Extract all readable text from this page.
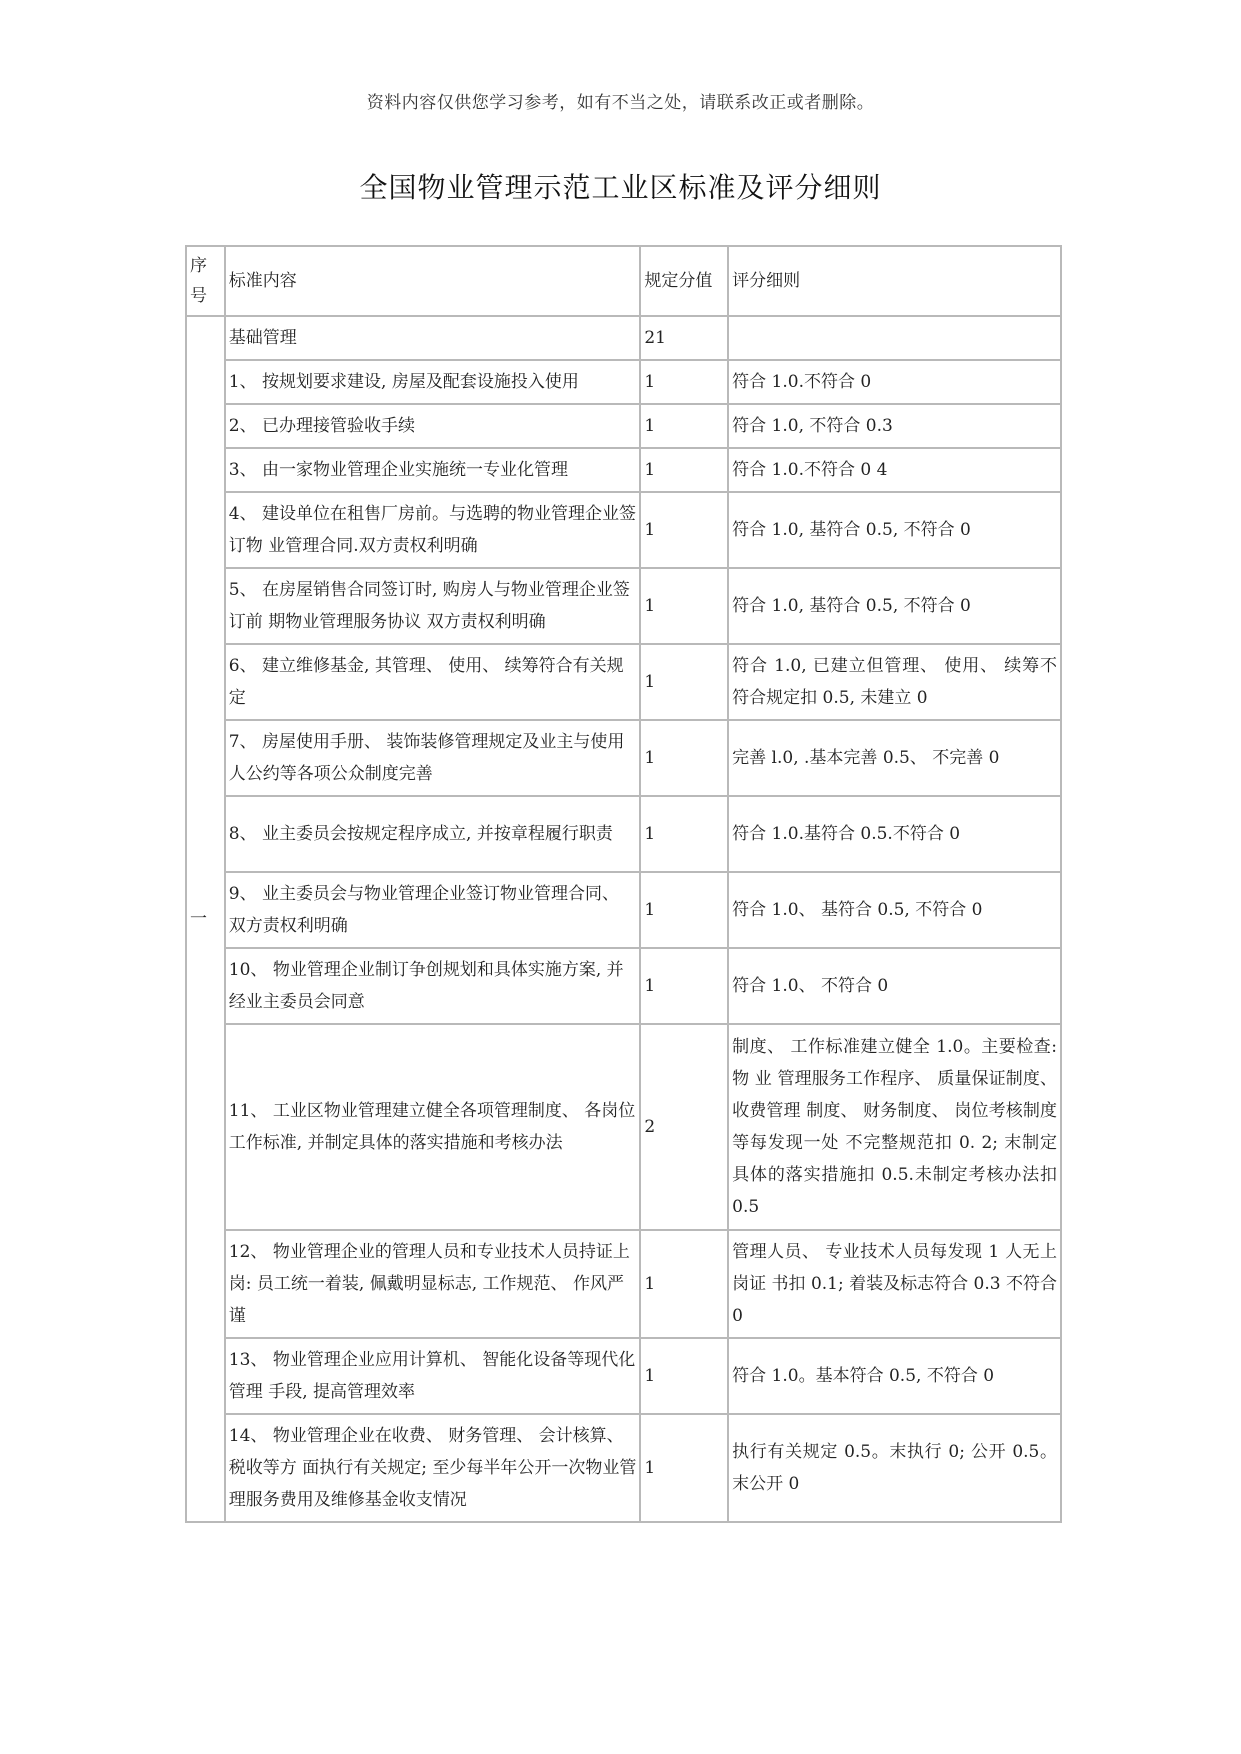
资料内容仅供您学习参考，如有不当之处，请联系改正或者删除。
全国物业管理示范工业区标准及评分细则
序号	标准内容	规定分值	评分细则
一	基础管理	21	
	1、 按规划要求建设, 房屋及配套设施投入使用	1	符合 1.0.不符合 0
	2、 已办理接管验收手续	1	符合 1.0, 不符合 0.3
	3、 由一家物业管理企业实施统一专业化管理	1	符合 1.0.不符合 0 4
	4、 建设单位在租售厂房前。与选聘的物业管理企业签订物 业管理合同.双方责权利明确	1	符合 1.0, 基符合 0.5, 不符合 0
	5、 在房屋销售合同签订时, 购房人与物业管理企业签订前 期物业管理服务协议 双方责权利明确	1	符合 1.0, 基符合 0.5, 不符合 0
	6、 建立维修基金, 其管理、 使用、 续筹符合有关规定	1	符合 1.0, 已建立但管理、 使用、 续筹不符合规定扣 0.5, 未建立 0
	7、 房屋使用手册、 装饰装修管理规定及业主与使用人公约等各项公众制度完善	1	完善 l.0, .基本完善 0.5、 不完善 0
	8、 业主委员会按规定程序成立, 并按章程履行职责	1	符合 1.0.基符合 0.5.不符合 0
	9、 业主委员会与物业管理企业签订物业管理合同、 双方责权利明确	1	符合 1.0、 基符合 0.5, 不符合 0
	10、 物业管理企业制订争创规划和具体实施方案, 并经业主委员会同意	1	符合 1.0、 不符合 0
	11、 工业区物业管理建立健全各项管理制度、 各岗位工作标准, 并制定具体的落实措施和考核办法	2	制度、 工作标准建立健全 1.0。主要检查: 物 业 管理服务工作程序、 质量保证制度、 收费管理 制度、 财务制度、 岗位考核制度等每发现一处 不完整规范扣 0. 2; 末制定具体的落实措施扣 0.5.未制定考核办法扣 0.5
	12、 物业管理企业的管理人员和专业技术人员持证上岗: 员工统一着装, 佩戴明显标志, 工作规范、 作风严谨	1	管理人员、 专业技术人员每发现 1 人无上岗证 书扣 0.1; 着装及标志符合 0.3 不符合 0
	13、 物业管理企业应用计算机、 智能化设备等现代化管理 手段, 提高管理效率	1	符合 1.0。基本符合 0.5, 不符合 0
	14、 物业管理企业在收费、 财务管理、 会计核算、 税收等方 面执行有关规定; 至少每半年公开一次物业管理服务费用及维修基金收支情况	1	执行有关规定 0.5。末执行 0; 公开 0.5。末公开 0
